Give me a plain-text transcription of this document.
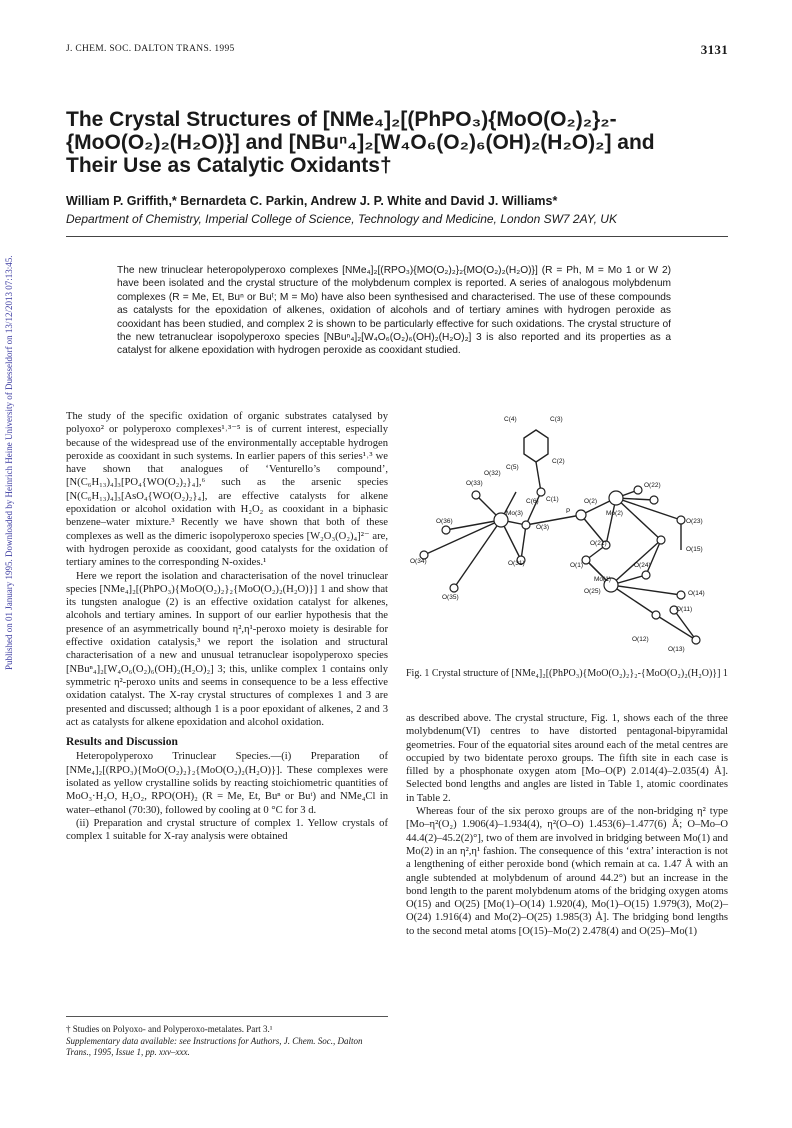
J. CHEM. SOC. DALTON TRANS. 1995	3131
Published on 01 January 1995. Downloaded by Heinrich Heine University of Duesseldorf on 13/12/2013 07:13:45.
The Crystal Structures of [NMe₄]₂[(PhPO₃){MoO(O₂)₂}₂-
{MoO(O₂)₂(H₂O)}] and [NBuⁿ₄]₂[W₄O₆(O₂)₆(OH)₂(H₂O)₂] and
Their Use as Catalytic Oxidants†
William P. Griffith,* Bernardeta C. Parkin, Andrew J. P. White and David J. Williams*
Department of Chemistry, Imperial College of Science, Technology and Medicine, London SW7 2AY, UK
The new trinuclear heteropolyperoxo complexes [NMe₄]₂[(RPO₃){MO(O₂)₂}₂{MO(O₂)₂(H₂O)}] (R = Ph, M = Mo 1 or W 2) have been isolated and the crystal structure of the molybdenum complex is reported. A series of analogous molybdenum complexes (R = Me, Et, Buⁿ or Buᵗ; M = Mo) have also been synthesised and characterised. The use of these compounds as catalysts for the epoxidation of alkenes, oxidation of alcohols and of tertiary amines with hydrogen peroxide as cooxidant has been studied, and complex 2 is shown to be particularly effective for such oxidations. The crystal structure of the new tetranuclear isopolyperoxo species [NBuⁿ₄]₂[W₄O₆(O₂)₆(OH)₂(H₂O)₂] 3 is also reported and its properties as a catalyst for alkene epoxidation with hydrogen peroxide as cooxidant studied.

The study of the specific oxidation of organic substrates catalysed by polyoxo² or polyperoxo complexes¹˒³⁻⁵ is of current interest, especially because of the widespread use of the environmentally acceptable hydrogen peroxide as cooxidant in such systems. In earlier papers of this series¹˒³ we have shown that analogues of ‘Venturello’s compound’, [N(C₆H₁₃)₄]₃[PO₄{WO(O₂)₂}₄],⁶ such as the arsenic species [N(C₆H₁₃)₄]₃[AsO₄{WO(O₂)₂}₄], are effective catalysts for alkene epoxidation or alcohol oxidation with H₂O₂ as cooxidant in a biphasic benzene–water mixture.³ Recently we have shown that both of these complexes as well as the dimeric isopolyperoxo species [W₂O₃(O₂)₄]²⁻ are, with hydrogen peroxide as cooxidant, good catalysts for the oxidation of tertiary amines to the corresponding N-oxides.¹

Here we report the isolation and characterisation of the novel trinuclear species [NMe₄]₂[(PhPO₃){MoO(O₂)₂}₂{MoO(O₂)₂(H₂O)}] 1 and show that its tungsten analogue (2) is an effective oxidation catalyst for alkenes, alcohols and tertiary amines. In support of our earlier hypothesis that the presence of an asymmetrically bound η²,η¹-peroxo moiety is desirable for effective oxidation catalysis,³ we report the isolation and structural characterisation of a new and unusual tetranuclear isopolyperoxo species [NBuⁿ₄]₂[W₄O₆(O₂)₆(OH)₂(H₂O)₂] 3; this, unlike complex 1 contains only symmetric η²-peroxo units and seems in consequence to be a less effective oxidation catalyst. The X-ray crystal structures of complexes 1 and 3 are presented and discussed; although 1 is a poor epoxidant of alkenes, 2 and 3 act as catalysts for alkene epoxidation and alcohol oxidation.

Results and Discussion

Heteropolyperoxo Trinuclear Species.—(i) Preparation of [NMe₄]₂[(RPO₃){MoO(O₂)₂}₂{MoO(O₂)₂(H₂O)}]. These complexes were isolated as yellow crystalline solids by reacting stoichiometric quantities of MoO₃·H₂O, H₂O₂, RPO(OH)₂ (R = Me, Et, Buⁿ or Buᵗ) and NMe₄Cl in water–ethanol (70:30), followed by cooling at 0 °C for 3 d.

(ii) Preparation and crystal structure of complex 1. Yellow crystals of complex 1 suitable for X-ray analysis were obtained

† Studies on Polyoxo- and Polyperoxo-metalates. Part 3.¹
Supplementary data available: see Instructions for Authors, J. Chem. Soc., Dalton Trans., 1995, Issue 1, pp. xxv–xxx.
C(4)	C(3)
C(5)
C(2)
O(32)
O(33)
C(6) C(1)
O(22)
O(2)
O(36)
Mo(3)	P	Mo(2)
O(23)
O(3)
O(21)
O(34)	O(31)
O(15)
O(1)	O(24)
O(35)
O(25)	O(14)
Mo(1)
O(11)
O(12)
O(13)
Fig. 1 Crystal structure of [NMe₄]₂[(PhPO₃){MoO(O₂)₂}₂-{MoO(O₂)₂(H₂O)}] 1

as described above. The crystal structure, Fig. 1, shows each of the three molybdenum(VI) centres to have distorted pentagonal-bipyramidal geometries. Four of the equatorial sites around each of the metal centres are occupied by two bidentate peroxo groups. The fifth site in each case is filled by a phosphonate oxygen atom [Mo–O(P) 2.014(4)–2.035(4) Å]. Selected bond lengths and angles are listed in Table 1, atomic coordinates in Table 2.

Whereas four of the six peroxo groups are of the non-bridging η² type [Mo–η²(O₂) 1.906(4)–1.934(4), η²(O–O) 1.453(6)–1.477(6) Å; O–Mo–O 44.4(2)–45.2(2)°], two of them are involved in bridging between Mo(1) and Mo(2) in an η²,η¹ fashion. The consequence of this ‘extra’ interaction is not a lengthening of either peroxide bond (which remain at ca. 1.47 Å with an angle subtended at molybdenum of around 44.2°) but an increase in the bond length to the parent molybdenum atoms of the bridging oxygen atoms O(15) and O(25) [Mo(1)–O(14) 1.920(4), Mo(1)–O(15) 1.979(3), Mo(2)–O(24) 1.916(4) and Mo(2)–O(25) 1.985(3) Å]. The bridging bond lengths to the second metal atoms [O(15)–Mo(2) 2.478(4) and O(25)–Mo(1)
